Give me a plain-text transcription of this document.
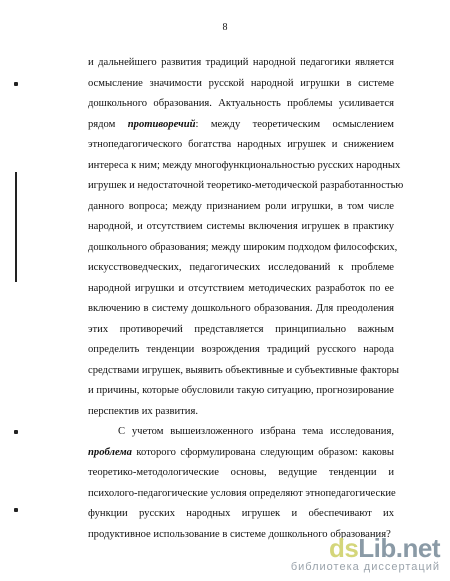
8
и дальнейшего развития традиций народной педагогики является
осмысление значимости русской народной игрушки в системе
дошкольного образования. Актуальность проблемы усиливается
рядом противоречий: между теоретическим осмыслением
этнопедагогического богатства народных игрушек и снижением
интереса к ним; между многофункциональностью русских народных
игрушек и недостаточной теоретико-методической разработанностью
данного вопроса; между признанием роли игрушки, в том числе
народной, и отсутствием системы включения игрушек в практику
дошкольного образования; между широким подходом философских,
искусствоведческих, педагогических исследований к проблеме
народной игрушки и отсутствием методических разработок по ее
включению в систему дошкольного образования. Для преодоления
этих противоречий представляется принципиально важным
определить тенденции возрождения традиций русского народа
средствами игрушек, выявить объективные и субъективные факторы
и причины, которые обусловили такую ситуацию, прогнозирование
перспектив их развития.
С учетом вышеизложенного избрана тема исследования,
проблема которого сформулирована следующим образом: каковы
теоретико-методологические основы, ведущие тенденции и
психолого-педагогические условия определяют этнопедагогические
функции русских народных игрушек и обеспечивают их
продуктивное использование в системе дошкольного образования?
dsLib.net
библиотека диссертаций
